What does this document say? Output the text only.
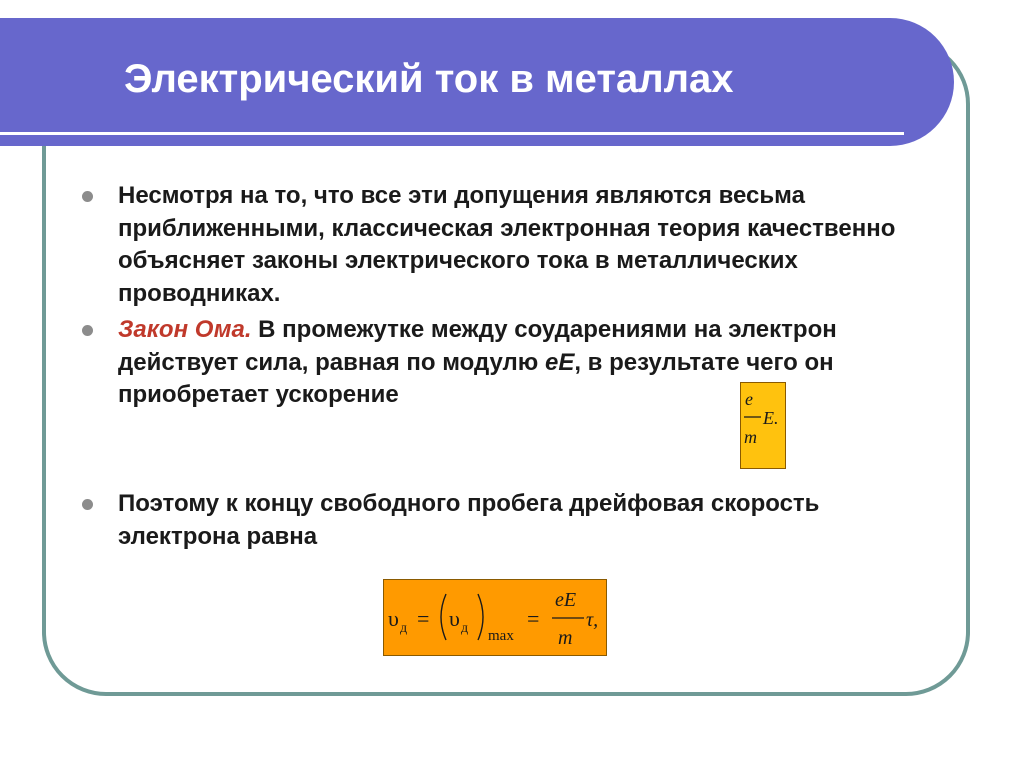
Электрический ток в металлах

Несмотря на то, что все эти допущения являются весьма приближенными, классическая электронная теория качественно объясняет законы электрического тока в металлических проводниках.

Закон Ома. В промежутке между соударениями на электрон действует сила, равная по модулю eE, в результате чего он приобретает ускорение	e
m
E.

Поэтому к концу свободного пробега дрейфовая скорость электрона равна

υ д = υ д max
=
eE
m
τ,
